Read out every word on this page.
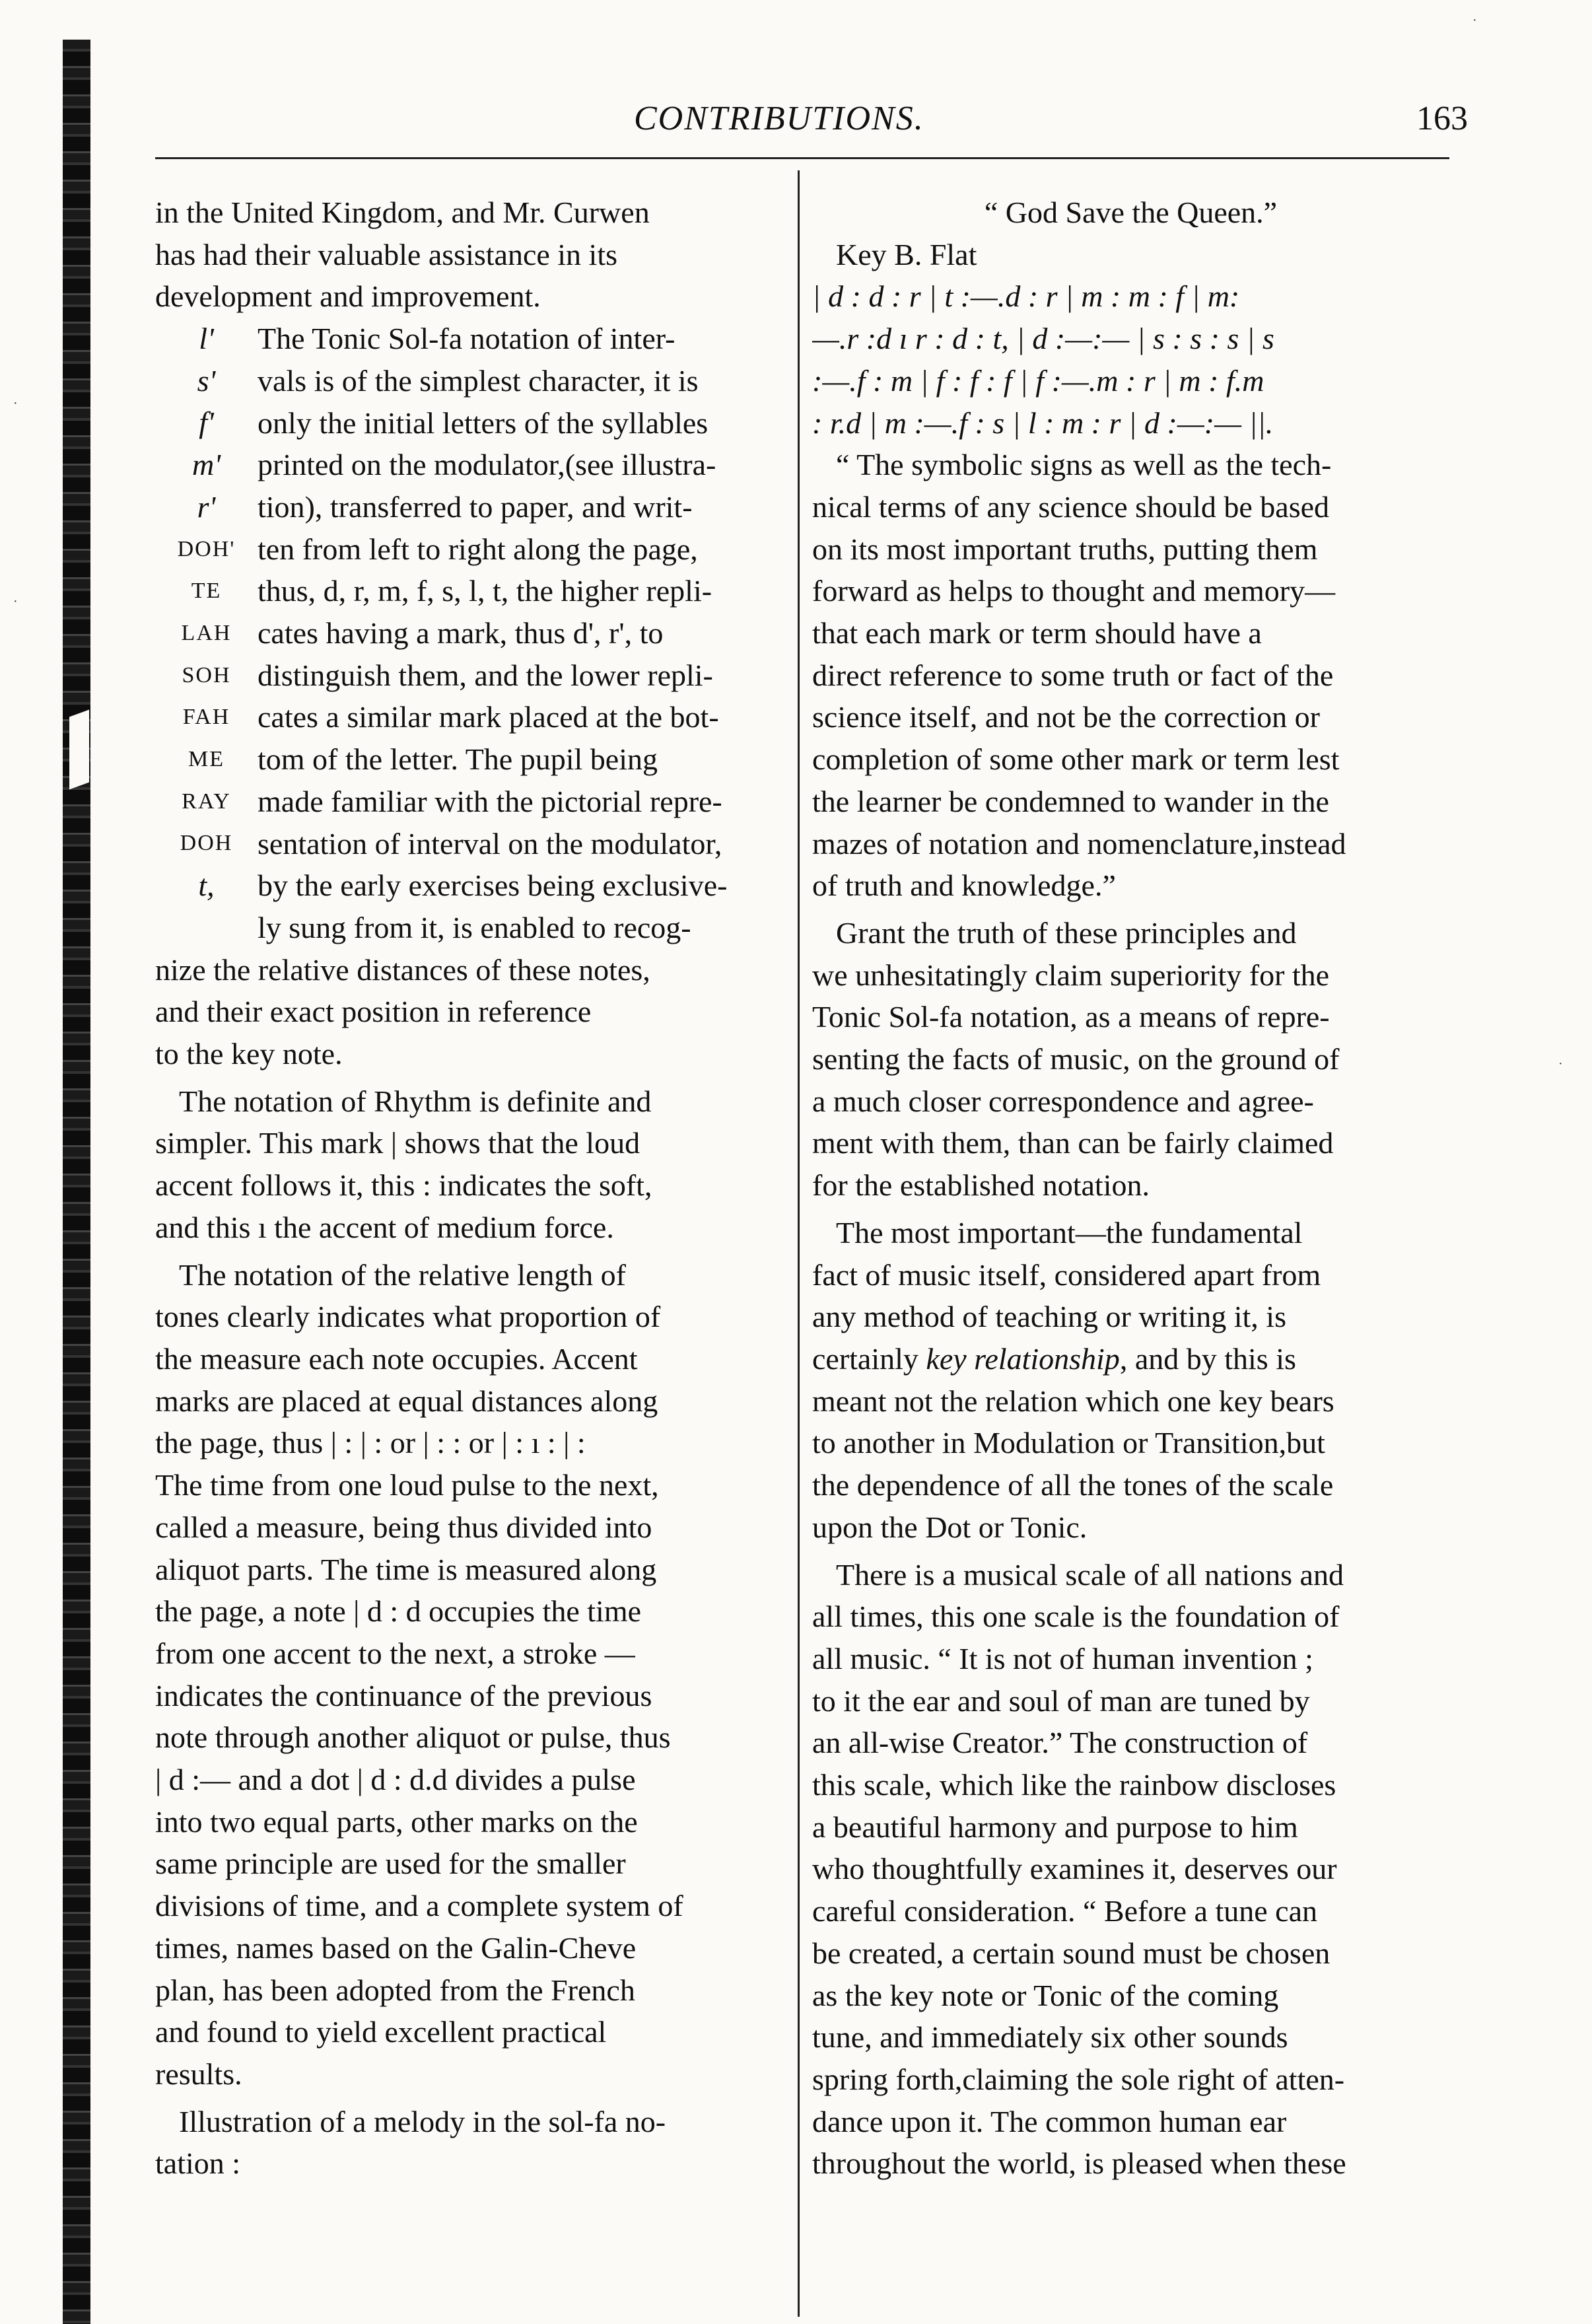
CONTRIBUTIONS.	163
in the United Kingdom, and Mr. Curwen
has had their valuable assistance in its
development and improvement.
l'
s'
f'
m'
r'
DOH'
TE
LAH
SOH
FAH
ME
RAY
DOH
t,
The Tonic Sol-fa notation of inter-
vals is of the simplest character, it is
only the initial letters of the syllables
printed on the modulator,(see illustra-
tion), transferred to paper, and writ-
ten from left to right along the page,
thus, d, r, m, f, s, l, t, the higher repli-
cates having a mark, thus d', r', to
distinguish them, and the lower repli-
cates a similar mark placed at the bot-
tom of the letter. The pupil being
made familiar with the pictorial repre-
sentation of interval on the modulator,
by the early exercises being exclusive-
ly sung from it, is enabled to recog-
nize the relative distances of these notes,
and their exact position in reference
to the key note.
The notation of Rhythm is definite and
simpler. This mark | shows that the loud
accent follows it, this : indicates the soft,
and this ı the accent of medium force.
The notation of the relative length of
tones clearly indicates what proportion of
the measure each note occupies. Accent
marks are placed at equal distances along
the page, thus | : | : or | : : or | : ı : | :
The time from one loud pulse to the next,
called a measure, being thus divided into
aliquot parts. The time is measured along
the page, a note | d : d occupies the time
from one accent to the next, a stroke —
indicates the continuance of the previous
note through another aliquot or pulse, thus
| d :— and a dot | d : d.d divides a pulse
into two equal parts, other marks on the
same principle are used for the smaller
divisions of time, and a complete system of
times, names based on the Galin-Cheve
plan, has been adopted from the French
and found to yield excellent practical
results.
Illustration of a melody in the sol-fa no-
tation :
“ God Save the Queen.”
Key B. Flat
| d : d : r | t :—.d : r | m : m : f | m:
—.r :d ı r : d : t, | d :—:— | s : s : s | s
:—.f : m | f : f : f | f :—.m : r | m : f.m
: r.d | m :—.f : s | l : m : r | d :—:— ||.
“ The symbolic signs as well as the tech-
nical terms of any science should be based
on its most important truths, putting them
forward as helps to thought and memory—
that each mark or term should have a
direct reference to some truth or fact of the
science itself, and not be the correction or
completion of some other mark or term lest
the learner be condemned to wander in the
mazes of notation and nomenclature,instead
of truth and knowledge.”
Grant the truth of these principles and
we unhesitatingly claim superiority for the
Tonic Sol-fa notation, as a means of repre-
senting the facts of music, on the ground of
a much closer correspondence and agree-
ment with them, than can be fairly claimed
for the established notation.
The most important—the fundamental
fact of music itself, considered apart from
any method of teaching or writing it, is
certainly key relationship, and by this is
meant not the relation which one key bears
to another in Modulation or Transition,but
the dependence of all the tones of the scale
upon the Dot or Tonic.
There is a musical scale of all nations and
all times, this one scale is the foundation of
all music. “ It is not of human invention ;
to it the ear and soul of man are tuned by
an all-wise Creator.” The construction of
this scale, which like the rainbow discloses
a beautiful harmony and purpose to him
who thoughtfully examines it, deserves our
careful consideration. “ Before a tune can
be created, a certain sound must be chosen
as the key note or Tonic of the coming
tune, and immediately six other sounds
spring forth,claiming the sole right of atten-
dance upon it. The common human ear
throughout the world, is pleased when these
·
·
·
·
